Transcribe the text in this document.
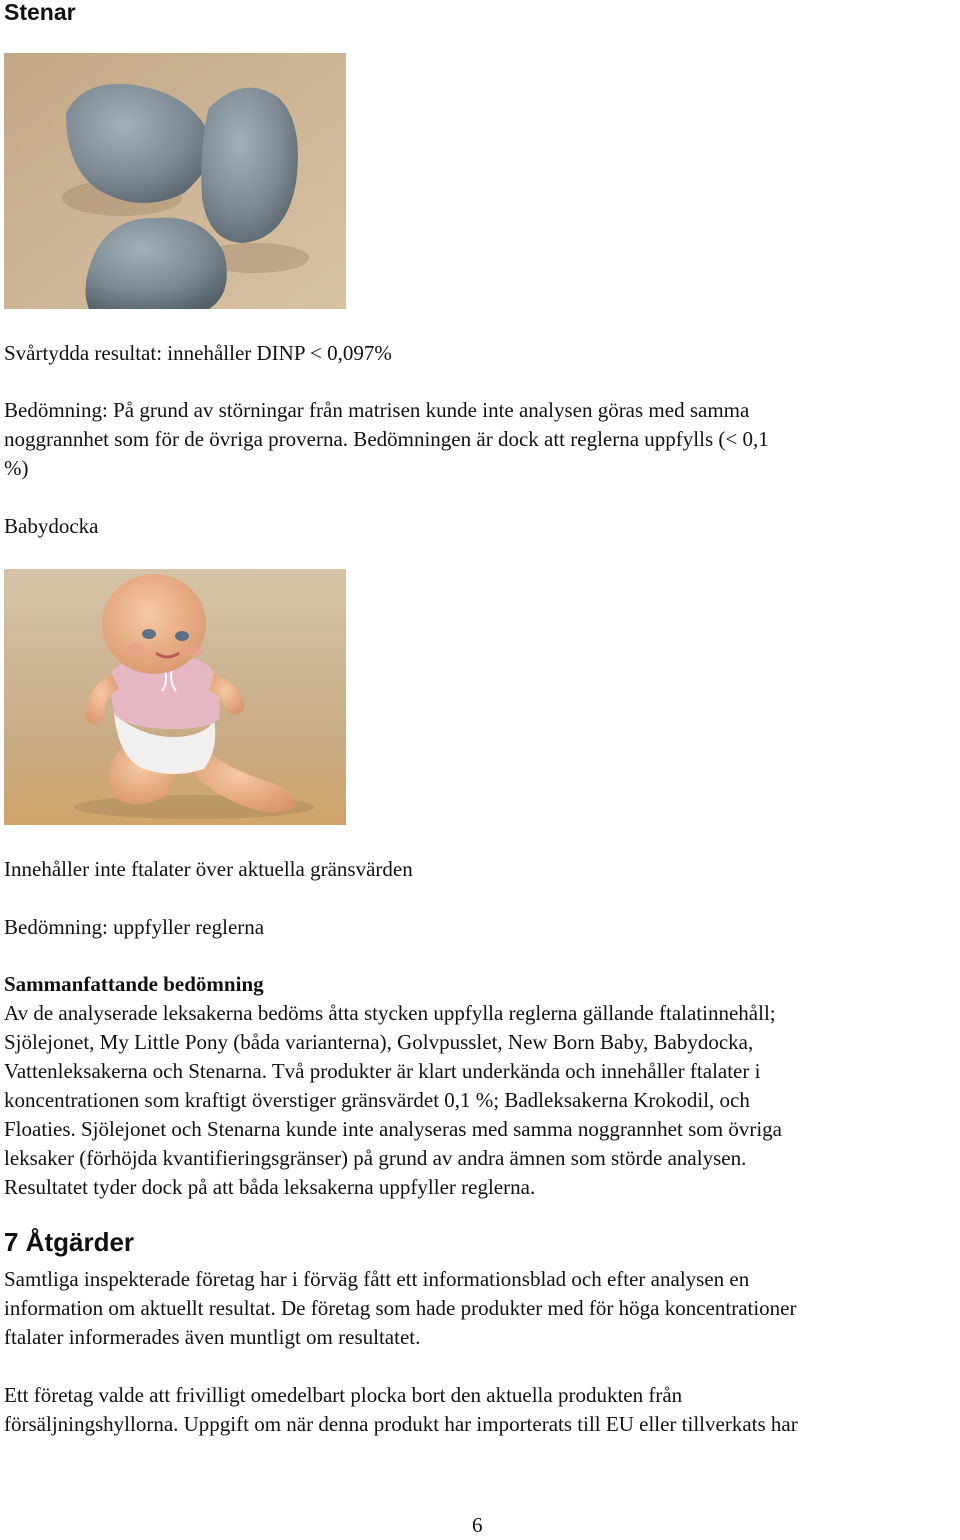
Stenar
Svårtydda resultat: innehåller DINP < 0,097%
Bedömning: På grund av störningar från matrisen kunde inte analysen göras med samma
noggrannhet som för de övriga proverna. Bedömningen är dock att reglerna uppfylls (< 0,1
%)
Babydocka
Innehåller inte ftalater över aktuella gränsvärden
Bedömning: uppfyller reglerna
Sammanfattande bedömning
Av de analyserade leksakerna bedöms åtta stycken uppfylla reglerna gällande ftalatinnehåll;
Sjölejonet, My Little Pony (båda varianterna), Golvpusslet, New Born Baby, Babydocka,
Vattenleksakerna och Stenarna. Två produkter är klart underkända och innehåller ftalater i
koncentrationen som kraftigt överstiger gränsvärdet 0,1 %; Badleksakerna Krokodil, och
Floaties. Sjölejonet och Stenarna kunde inte analyseras med samma noggrannhet som övriga
leksaker (förhöjda kvantifieringsgränser) på grund av andra ämnen som störde analysen.
Resultatet tyder dock på att båda leksakerna uppfyller reglerna.
7 Åtgärder
Samtliga inspekterade företag har i förväg fått ett informationsblad och efter analysen en
information om aktuellt resultat. De företag som hade produkter med för höga koncentrationer
ftalater informerades även muntligt om resultatet.
Ett företag valde att frivilligt omedelbart plocka bort den aktuella produkten från
försäljningshyllorna. Uppgift om när denna produkt har importerats till EU eller tillverkats har
6
